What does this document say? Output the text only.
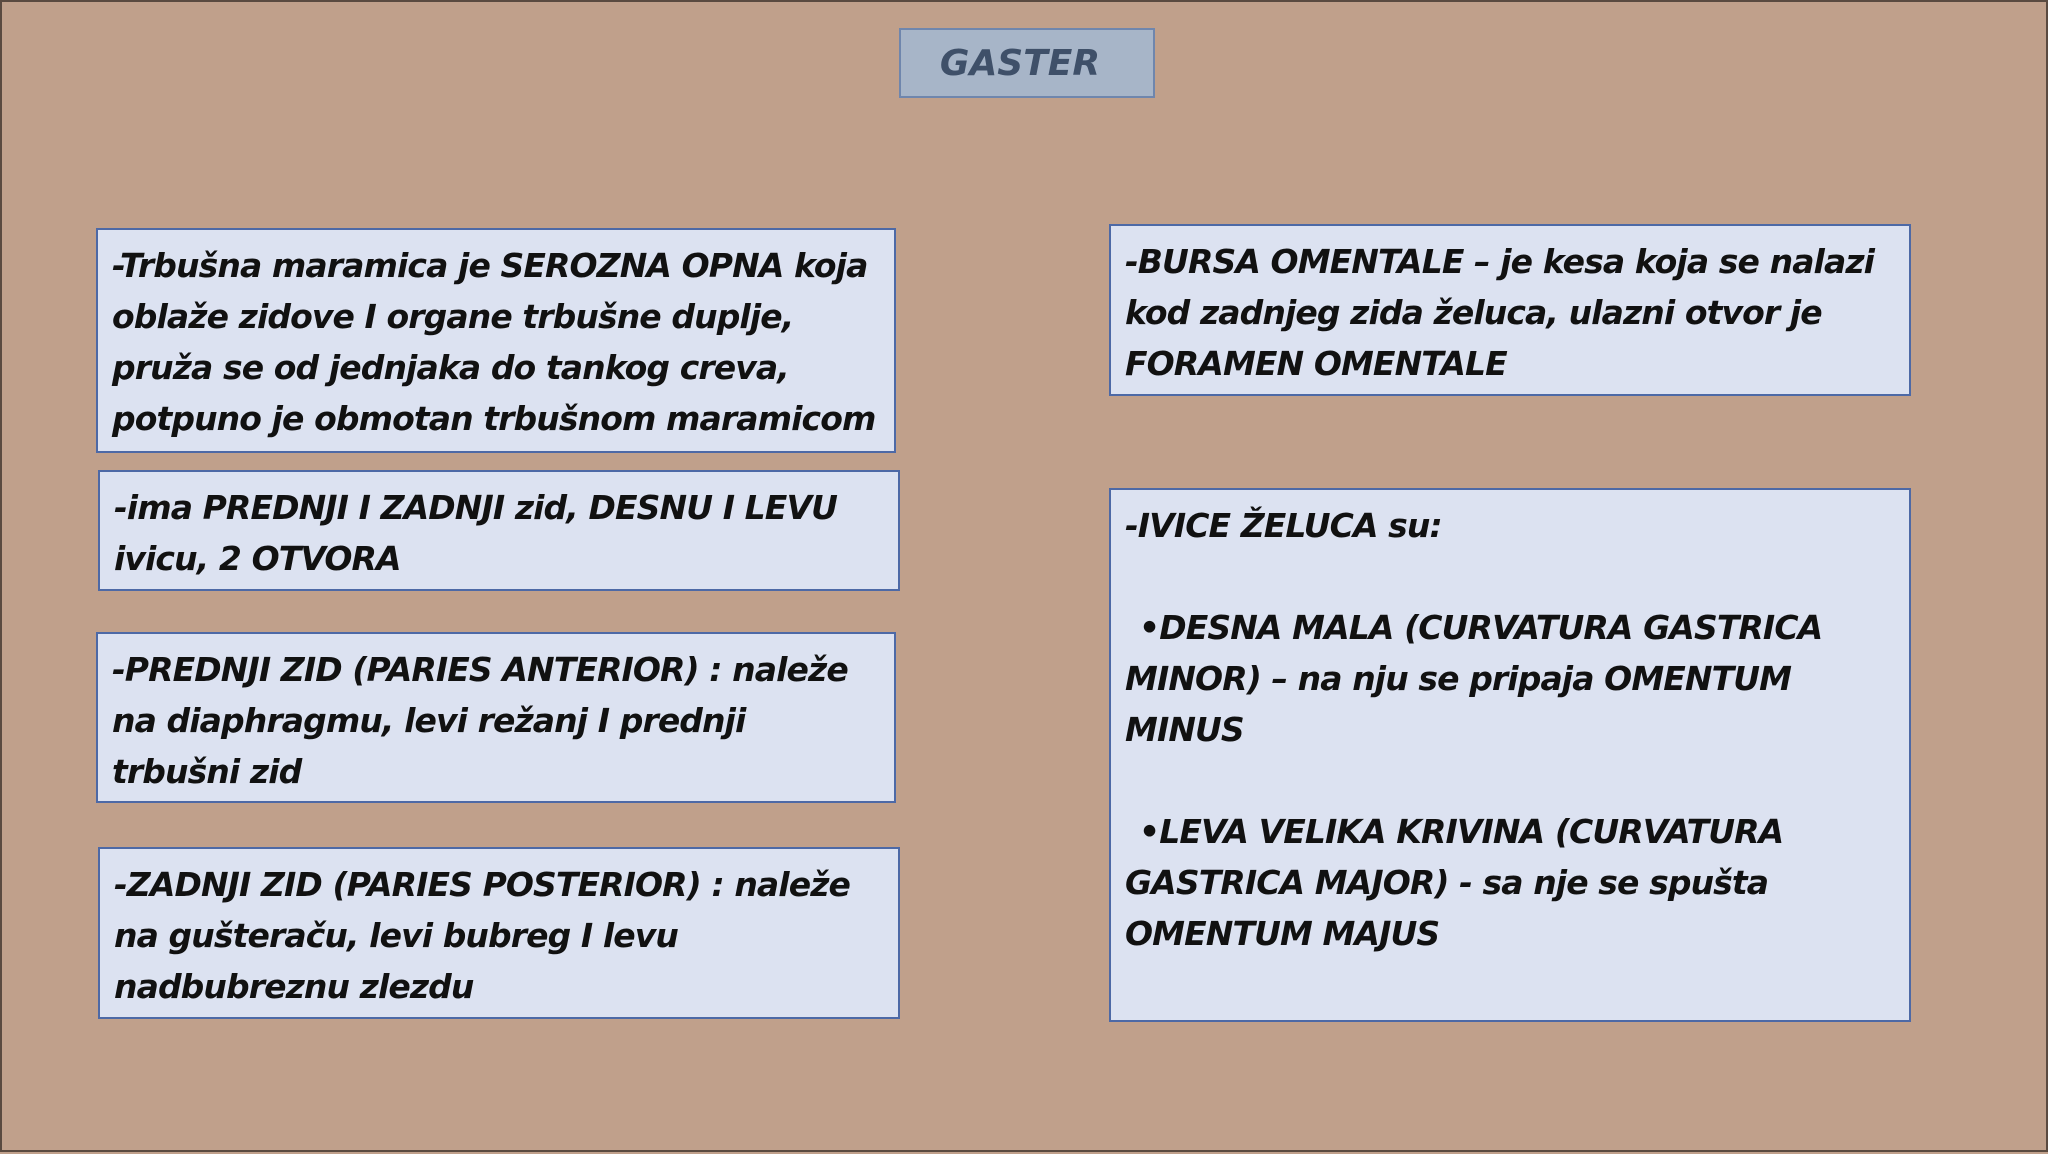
GASTER

-Trbušna maramica je SEROZNA OPNA koja oblaže zidove I organe trbušne duplje, pruža se od jednjaka do tankog creva, potpuno je obmotan trbušnom maramicom

-ima PREDNJI I ZADNJI zid, DESNU I LEVU ivicu, 2 OTVORA

-PREDNJI ZID (PARIES ANTERIOR) : naleže na diaphragmu, levi režanj I prednji trbušni zid

-ZADNJI ZID (PARIES POSTERIOR) : naleže na gušteraču, levi bubreg I levu nadbubreznu zlezdu

-BURSA OMENTALE – je kesa koja se nalazi kod zadnjeg zida želuca, ulazni otvor je FORAMEN OMENTALE

-IVICE ŽELUCA su:

•DESNA MALA (CURVATURA GASTRICA MINOR) – na nju se pripaja OMENTUM MINUS

•LEVA VELIKA KRIVINA (CURVATURA GASTRICA MAJOR) - sa nje se spušta OMENTUM MAJUS
